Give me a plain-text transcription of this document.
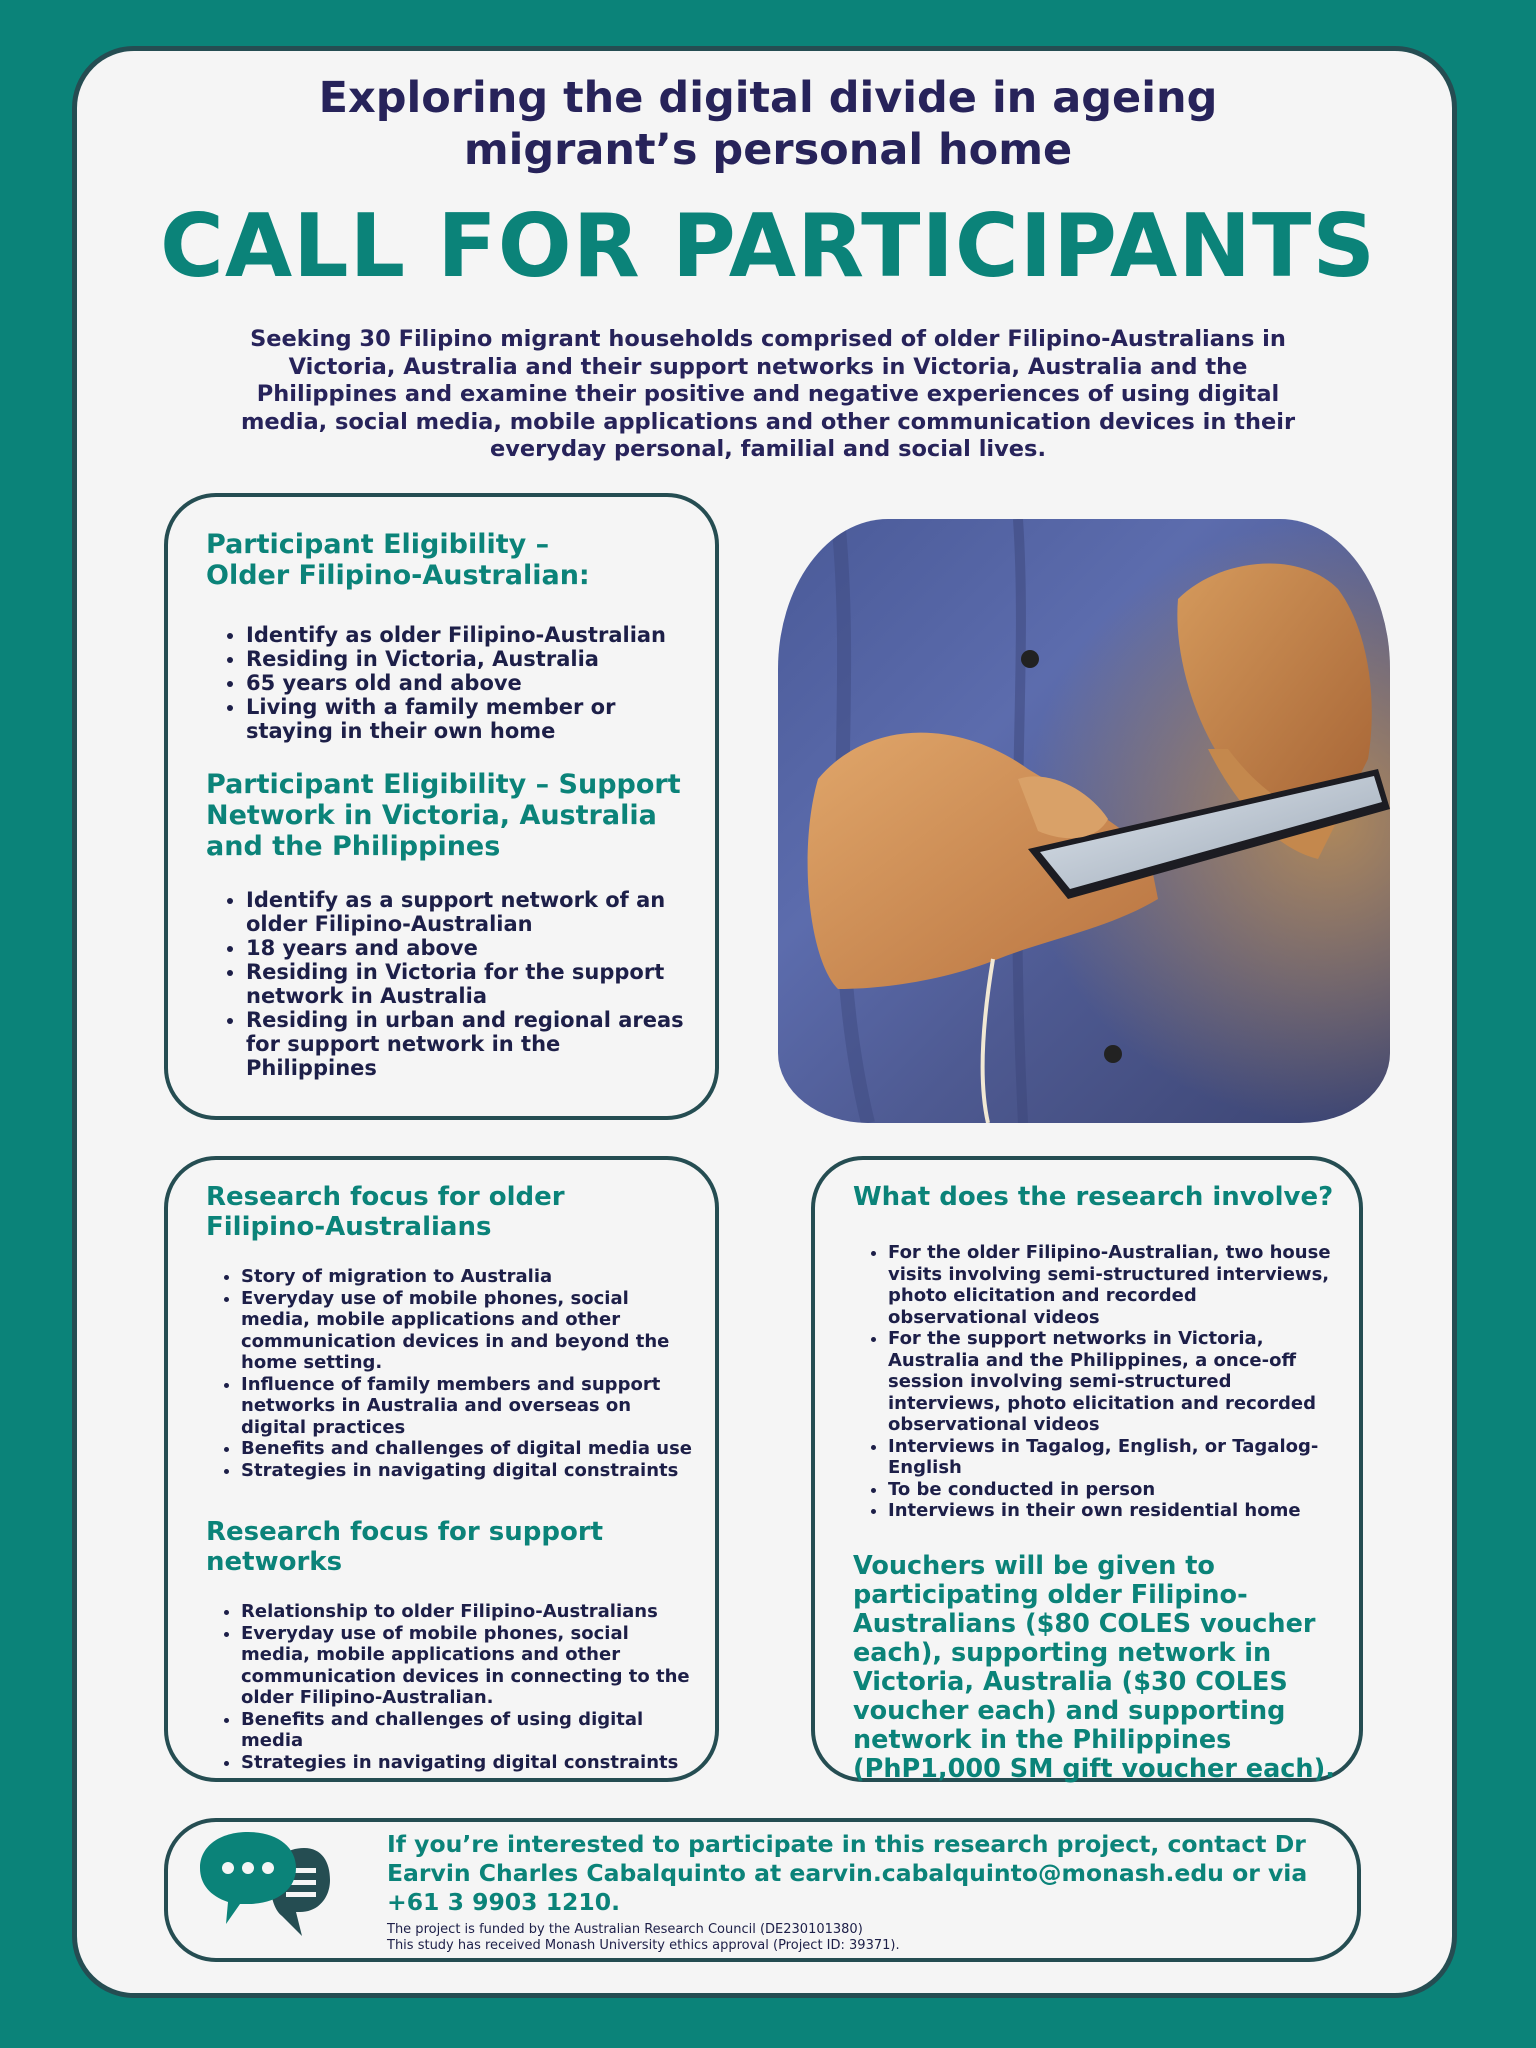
Exploring the digital divide in ageing
migrant’s personal home
CALL FOR PARTICIPANTS
Seeking 30 Filipino migrant households comprised of older Filipino-Australians in Victoria, Australia and their support networks in Victoria, Australia and the Philippines and examine their positive and negative experiences of using digital media, social media, mobile applications and other communication devices in their everyday personal, familial and social lives.
Participant Eligibility – Older Filipino-Australian:
• Identify as older Filipino-Australian
• Residing in Victoria, Australia
• 65 years old and above
• Living with a family member or staying in their own home
Participant Eligibility – Support Network in Victoria, Australia and the Philippines
• Identify as a support network of an older Filipino-Australian
• 18 years and above
• Residing in Victoria for the support network in Australia
• Residing in urban and regional areas for support network in the Philippines
Research focus for older Filipino-Australians
• Story of migration to Australia
• Everyday use of mobile phones, social media, mobile applications and other communication devices in and beyond the home setting.
• Influence of family members and support networks in Australia and overseas on digital practices
• Benefits and challenges of digital media use
• Strategies in navigating digital constraints
Research focus for support networks
• Relationship to older Filipino-Australians
• Everyday use of mobile phones, social media, mobile applications and other communication devices in connecting to the older Filipino-Australian.
• Benefits and challenges of using digital media
• Strategies in navigating digital constraints
What does the research involve?
• For the older Filipino-Australian, two house visits involving semi-structured interviews, photo elicitation and recorded observational videos
• For the support networks in Victoria, Australia and the Philippines, a once-off session involving semi-structured interviews, photo elicitation and recorded observational videos
• Interviews in Tagalog, English, or Tagalog-English
• To be conducted in person
• Interviews in their own residential home

Vouchers will be given to participating older Filipino-Australians ($80 COLES voucher each), supporting network in Victoria, Australia ($30 COLES voucher each) and supporting network in the Philippines (PhP1,000 SM gift voucher each).

If you’re interested to participate in this research project, contact Dr Earvin Charles Cabalquinto at earvin.cabalquinto@monash.edu or via +61 3 9903 1210.
The project is funded by the Australian Research Council (DE230101380)
This study has received Monash University ethics approval (Project ID: 39371).
